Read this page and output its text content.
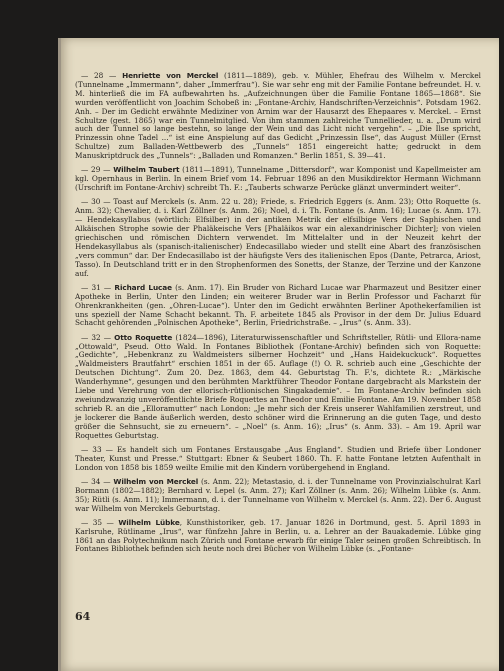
— 28 — Henriette von Merckel (1811—1889), geb. v. Mühler, Ehefrau des Wilhelm v. Merckel (Tunnelname „Immermann“, daher „Immerfrau“). Sie war sehr eng mit der Familie Fontane befreundet. H. v. M. hinterließ die im FA aufbewahrten hs. „Aufzeichnungen über die Familie Fontane 1865—1868“. Sie wurden veröffentlicht von Joachim Schobeß in: „Fontane-Archiv, Handschriften-Verzeichnis“. Potsdam 1962. Anh. – Der im Gedicht erwähnte Mediziner von Arnim war der Hausarzt des Ehepaares v. Merckel. – Ernst Schultze (gest. 1865) war ein Tunnelmitglied. Von ihm stammen zahlreiche Tunnellieder, u. a. „Drum wird auch der Tunnel so lange bestehn, so lange der Wein und das Licht nicht vergehn“. – „Die Ilse spricht, Prinzessin ohne Tadel ...“ ist eine Anspielung auf das Gedicht „Prinzessin Ilse“, das August Müller (Ernst Schultze) zum Balladen-Wettbewerb des „Tunnels“ 1851 eingereicht hatte; gedruckt in dem Manuskriptdruck des „Tunnels“: „Balladen und Romanzen.“ Berlin 1851, S. 39—41.

— 29 — Wilhelm Taubert (1811—1891), Tunnelname „Dittersdorf“, war Komponist und Kapellmeister am kgl. Opernhaus in Berlin. In einem Brief vom 14. Februar 1896 an den Musikdirektor Hermann Wichmann (Urschrift im Fontane-Archiv) schreibt Th. F.: „Tauberts schwarze Perücke glänzt unvermindert weiter“.

— 30 — Toast auf Merckels (s. Anm. 22 u. 28); Friede, s. Friedrich Eggers (s. Anm. 23); Otto Roquette (s. Anm. 32); Chevalier, d. i. Karl Zöllner (s. Anm. 26); Noel, d. i. Th. Fontane (s. Anm. 16); Lucae (s. Anm. 17). — Hendekasyllabus (wörtlich: Elfsilber) in der antiken Metrik der elfsilbige Vers der Saphischen und Alkäischen Strophe sowie der Phaläkeische Vers [Phaläikos war ein alexandrinischer Dichter]; von vielen griechischen und römischen Dichtern verwendet. Im Mittelalter und in der Neuzeit kehrt der Hendekasyllabus als (spanisch-italienischer) Endecasillabo wieder und stellt eine Abart des französischen „vers commun“ dar. Der Endecasillabo ist der häufigste Vers des italienischen Epos (Dante, Petrarca, Ariost, Tasso). In Deutschland tritt er in den Strophenformen des Sonetts, der Stanze, der Terzine und der Kanzone auf.

— 31 — Richard Lucae (s. Anm. 17). Ein Bruder von Richard Lucae war Pharmazeut und Besitzer einer Apotheke in Berlin, Unter den Linden; ein weiterer Bruder war in Berlin Professor und Facharzt für Ohrenkrankheiten (gen. „Ohren-Lucae“). Unter den im Gedicht erwähnten Berliner Apothekerfamilien ist uns speziell der Name Schacht bekannt. Th. F. arbeitete 1845 als Provisor in der dem Dr. Julius Eduard Schacht gehörenden „Polnischen Apotheke“, Berlin, Friedrichstraße. – „Irus“ (s. Anm. 33).

— 32 — Otto Roquette (1824—1896), Literaturwissenschaftler und Schriftsteller, Rütli- und Ellora-name „Ottowald“, Pseud. Otto Wald. In Fontanes Bibliothek (Fontane-Archiv) befinden sich von Roquette: „Gedichte“, „Hebenkranz zu Waldmeisters silberner Hochzeit“ und „Hans Haidekuckuck“. Roquettes „Waldmeisters Brautfahrt“ erschien 1851 in der 65. Auflage (!) O. R. schrieb auch eine „Geschichte der Deutschen Dichtung“. Zum 20. Dez. 1863, dem 44. Geburtstag Th. F.'s, dichtete R.: „Märkische Wanderhymne“, gesungen und den berühmten Marktführer Theodor Fontane dargebracht als Markstein der Liebe und Verehrung von der ellorisch-rütlionischen Singakademie“. – Im Fontane-Archiv befinden sich zweiundzwanzig unveröffentlichte Briefe Roquettes an Theodor und Emilie Fontane. Am 19. November 1858 schrieb R. an die „Elloramutter“ nach London: „Je mehr sich der Kreis unserer Wahlfamilien zerstreut, und je lockerer die Bande äußerlich werden, desto schöner wird die Erinnerung an die guten Tage, und desto größer die Sehnsucht, sie zu erneuern“. – „Noel“ (s. Anm. 16); „Irus“ (s. Anm. 33). – Am 19. April war Roquettes Geburtstag.

— 33 — Es handelt sich um Fontanes Erstausgabe „Aus England“. Studien und Briefe über Londoner Theater, Kunst und Presse.“ Stuttgart: Ebner & Seubert 1860. Th. F. hatte Fontane letzten Aufenthalt in London von 1858 bis 1859 weilte Emilie mit den Kindern vorübergehend in England.

— 34 — Wilhelm von Merckel (s. Anm. 22); Metastasio, d. i. der Tunnelname von Provinzialschulrat Karl Bormann (1802—1882); Bernhard v. Lepel (s. Anm. 27); Karl Zöllner (s. Anm. 26); Wilhelm Lübke (s. Anm. 35); Rütli (s. Anm. 11); Immermann, d. i. der Tunnelname von Wilhelm v. Merckel (s. Anm. 22). Der 6. August war Wilhelm von Merckels Geburtstag.

— 35 — Wilhelm Lübke, Kunsthistoriker, geb. 17. Januar 1826 in Dortmund, gest. 5. April 1893 in Karlsruhe, Rütliname „Irus“, war fünfzehn Jahre in Berlin, u. a. Lehrer an der Bauakademie. Lübke ging 1861 an das Polytechnikum nach Zürich und Fontane erwarb für einige Taler seinen großen Schreibtisch. In Fontanes Bibliothek befinden sich heute noch drei Bücher von Wilhelm Lübke (s. „Fontane-

64
